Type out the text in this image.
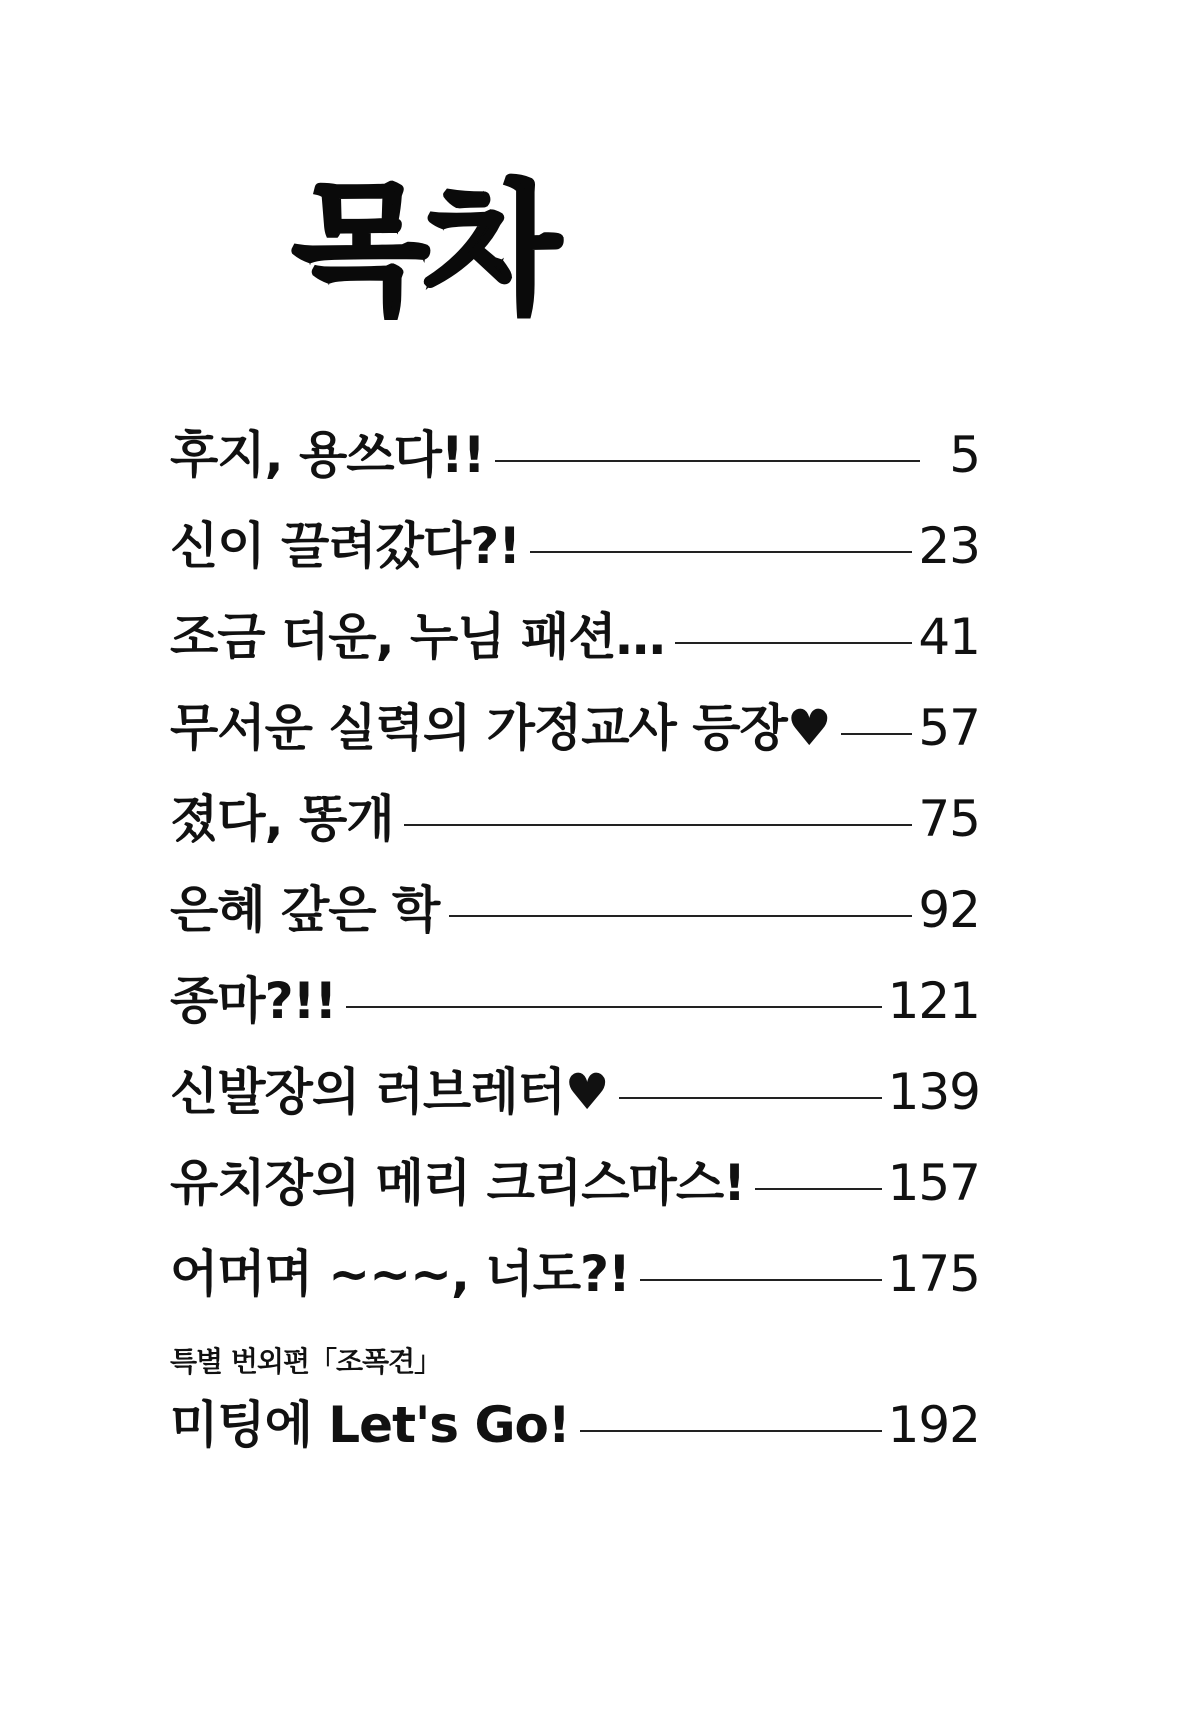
목차
후지, 용쓰다!!	5
신이 끌려갔다?!	23
조금 더운, 누님 패션…	41
무서운 실력의 가정교사 등장♥ 57
졌다, 똥개	75
은혜 갚은 학	92
종마?!!	121
신발장의 러브레터♥	139
유치장의 메리 크리스마스!	157
어머며 ~~~, 너도?!	175
미팅에 Let's Go!	192
특별 번외편「조폭견」
